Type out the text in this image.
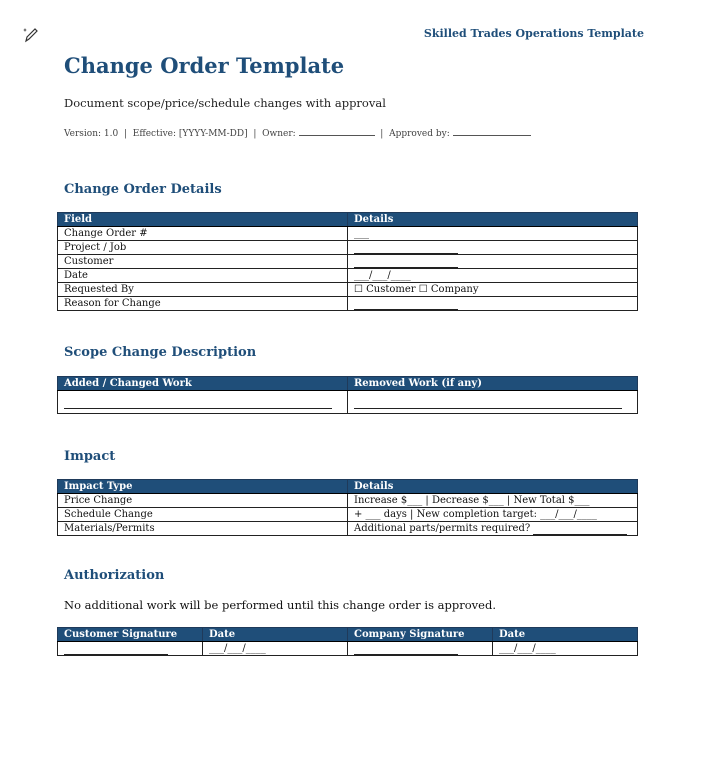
Skilled Trades Operations Template
Change Order Template
Document scope/price/schedule changes with approval
Version: 1.0 | Effective: [YYYY-MM-DD] | Owner:	| Approved by:
Change Order Details
Field	Details
Change Order #	___
Project / Job	
Customer	
Date	___/___/____
Requested By	☐ Customer ☐ Company
Reason for Change	
Scope Change Description
Added / Changed Work	Removed Work (if any)

Impact
Impact Type	Details
Price Change	Increase $___ | Decrease $___ | New Total $___
Schedule Change	+ ___ days | New completion target: ___/___/____
Materials/Permits	Additional parts/permits required?
Authorization
No additional work will be performed until this change order is approved.
Customer Signature	Date	Company Signature	Date
	___/___/____		___/___/____
